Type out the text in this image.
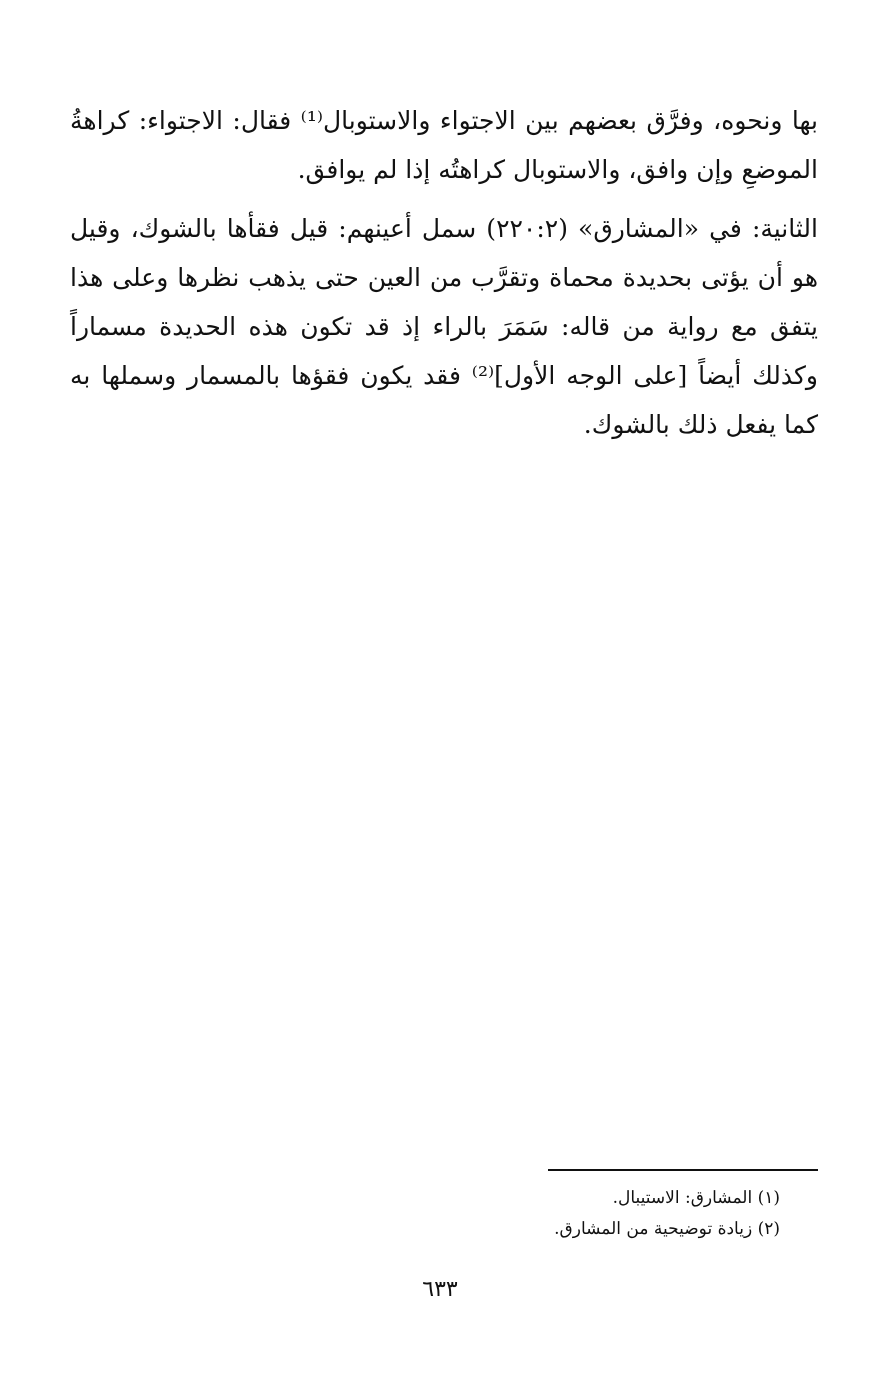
بها ونحوه، وفرَّق بعضهم بين الاجتواء والاستوبال⁽¹⁾ فقال: الاجتواء: كراهةُ الموضعِ وإن وافق، والاستوبال كراهتُه إذا لم يوافق.

الثانية: في «المشارق» (٢٢٠:٢) سمل أعينهم: قيل فقأها بالشوك، وقيل هو أن يؤتى بحديدة محماة وتقرَّب من العين حتى يذهب نظرها وعلى هذا يتفق مع رواية من قاله: سَمَرَ بالراء إذ قد تكون هذه الحديدة مسماراً وكذلك أيضاً [على الوجه الأول]⁽²⁾ فقد يكون فقؤها بالمسمار وسملها به كما يفعل ذلك بالشوك.

(١) المشارق: الاستيبال.

(٢) زيادة توضيحية من المشارق.

٦٣٣
